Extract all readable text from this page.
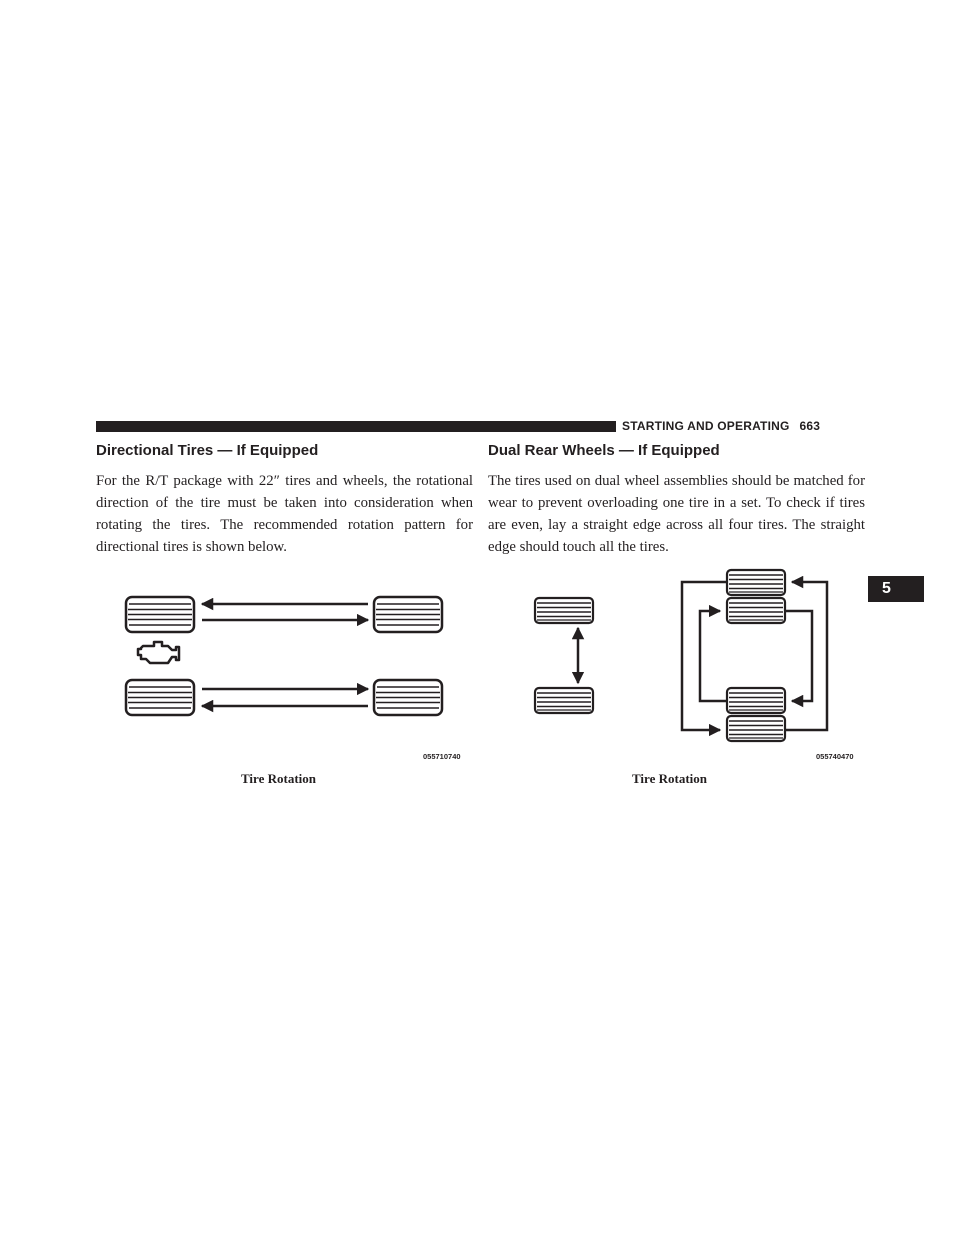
STARTING AND OPERATING 663
5
Directional Tires — If Equipped

For the R/T package with 22″ tires and wheels, the rotational direction of the tire must be taken into consideration when rotating the tires. The recommended rotation pattern for directional tires is shown below.

Dual Rear Wheels — If Equipped

The tires used on dual wheel assemblies should be matched for wear to prevent overloading one tire in a set. To check if tires are even, lay a straight edge across all four tires. The straight edge should touch all the tires.

055710740
Tire Rotation
055740470
Tire Rotation
